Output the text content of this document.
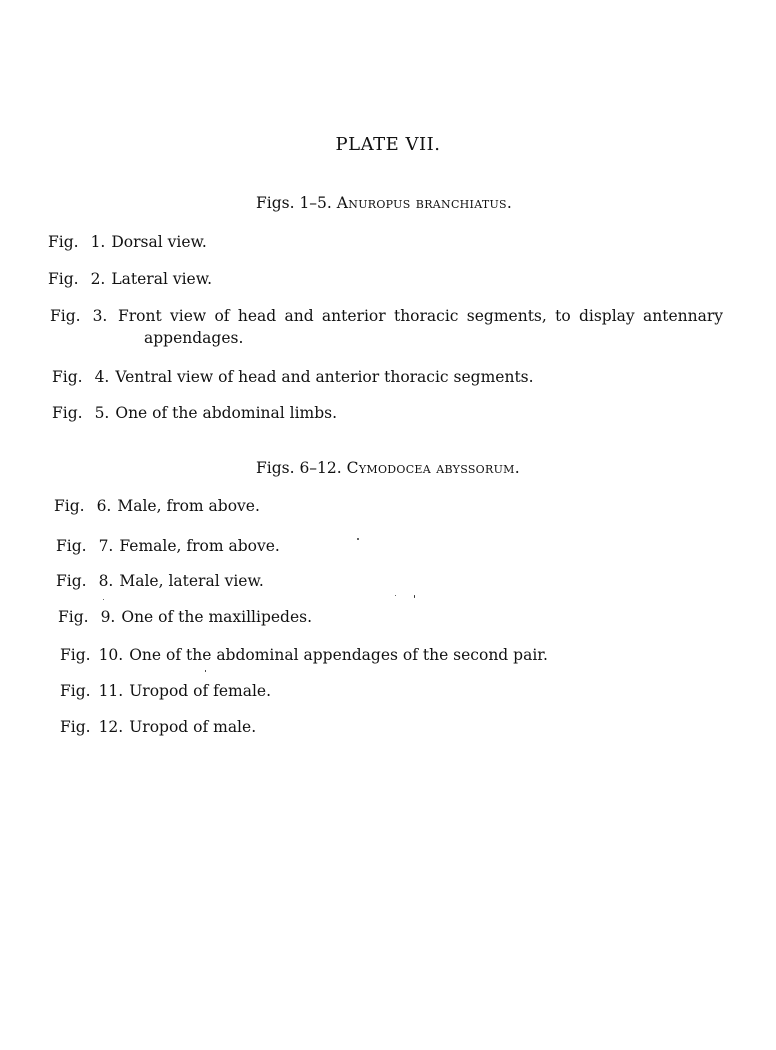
PLATE VII.
Figs. 1–5. Anuropus branchiatus.
Fig. 1. Dorsal view.
Fig. 2. Lateral view.
Fig. 3. Front view of head and anterior thoracic segments, to display antennary
appendages.
Fig. 4. Ventral view of head and anterior thoracic segments.
Fig. 5. One of the abdominal limbs.
Figs. 6–12. Cymodocea abyssorum.
Fig. 6. Male, from above.
Fig. 7. Female, from above.
Fig. 8. Male, lateral view.
Fig. 9. One of the maxillipedes.
Fig. 10. One of the abdominal appendages of the second pair.
Fig. 11. Uropod of female.
Fig. 12. Uropod of male.
